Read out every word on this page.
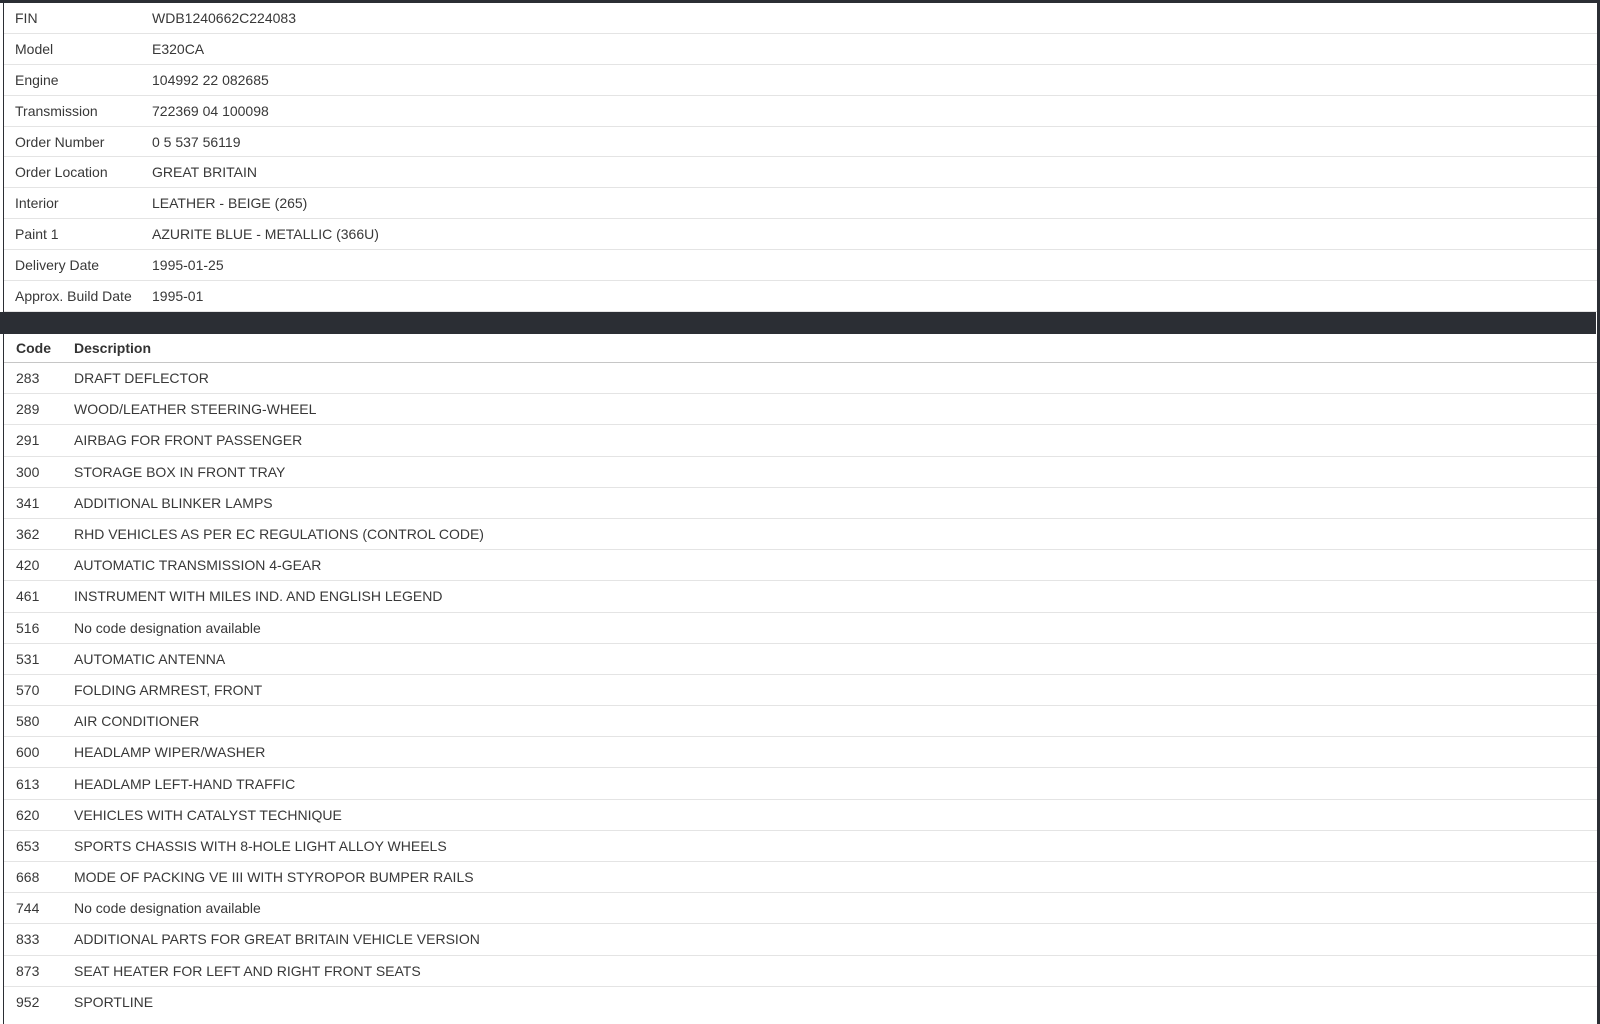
FIN	WDB1240662C224083
Model	E320CA
Engine	104992 22 082685
Transmission	722369 04 100098
Order Number	0 5 537 56119
Order Location	GREAT BRITAIN
Interior	LEATHER - BEIGE (265)
Paint 1	AZURITE BLUE - METALLIC (366U)
Delivery Date	1995-01-25
Approx. Build Date	1995-01
Code	Description
283	DRAFT DEFLECTOR
289	WOOD/LEATHER STEERING-WHEEL
291	AIRBAG FOR FRONT PASSENGER
300	STORAGE BOX IN FRONT TRAY
341	ADDITIONAL BLINKER LAMPS
362	RHD VEHICLES AS PER EC REGULATIONS (CONTROL CODE)
420	AUTOMATIC TRANSMISSION 4-GEAR
461	INSTRUMENT WITH MILES IND. AND ENGLISH LEGEND
516	No code designation available
531	AUTOMATIC ANTENNA
570	FOLDING ARMREST, FRONT
580	AIR CONDITIONER
600	HEADLAMP WIPER/WASHER
613	HEADLAMP LEFT-HAND TRAFFIC
620	VEHICLES WITH CATALYST TECHNIQUE
653	SPORTS CHASSIS WITH 8-HOLE LIGHT ALLOY WHEELS
668	MODE OF PACKING VE III WITH STYROPOR BUMPER RAILS
744	No code designation available
833	ADDITIONAL PARTS FOR GREAT BRITAIN VEHICLE VERSION
873	SEAT HEATER FOR LEFT AND RIGHT FRONT SEATS
952	SPORTLINE
